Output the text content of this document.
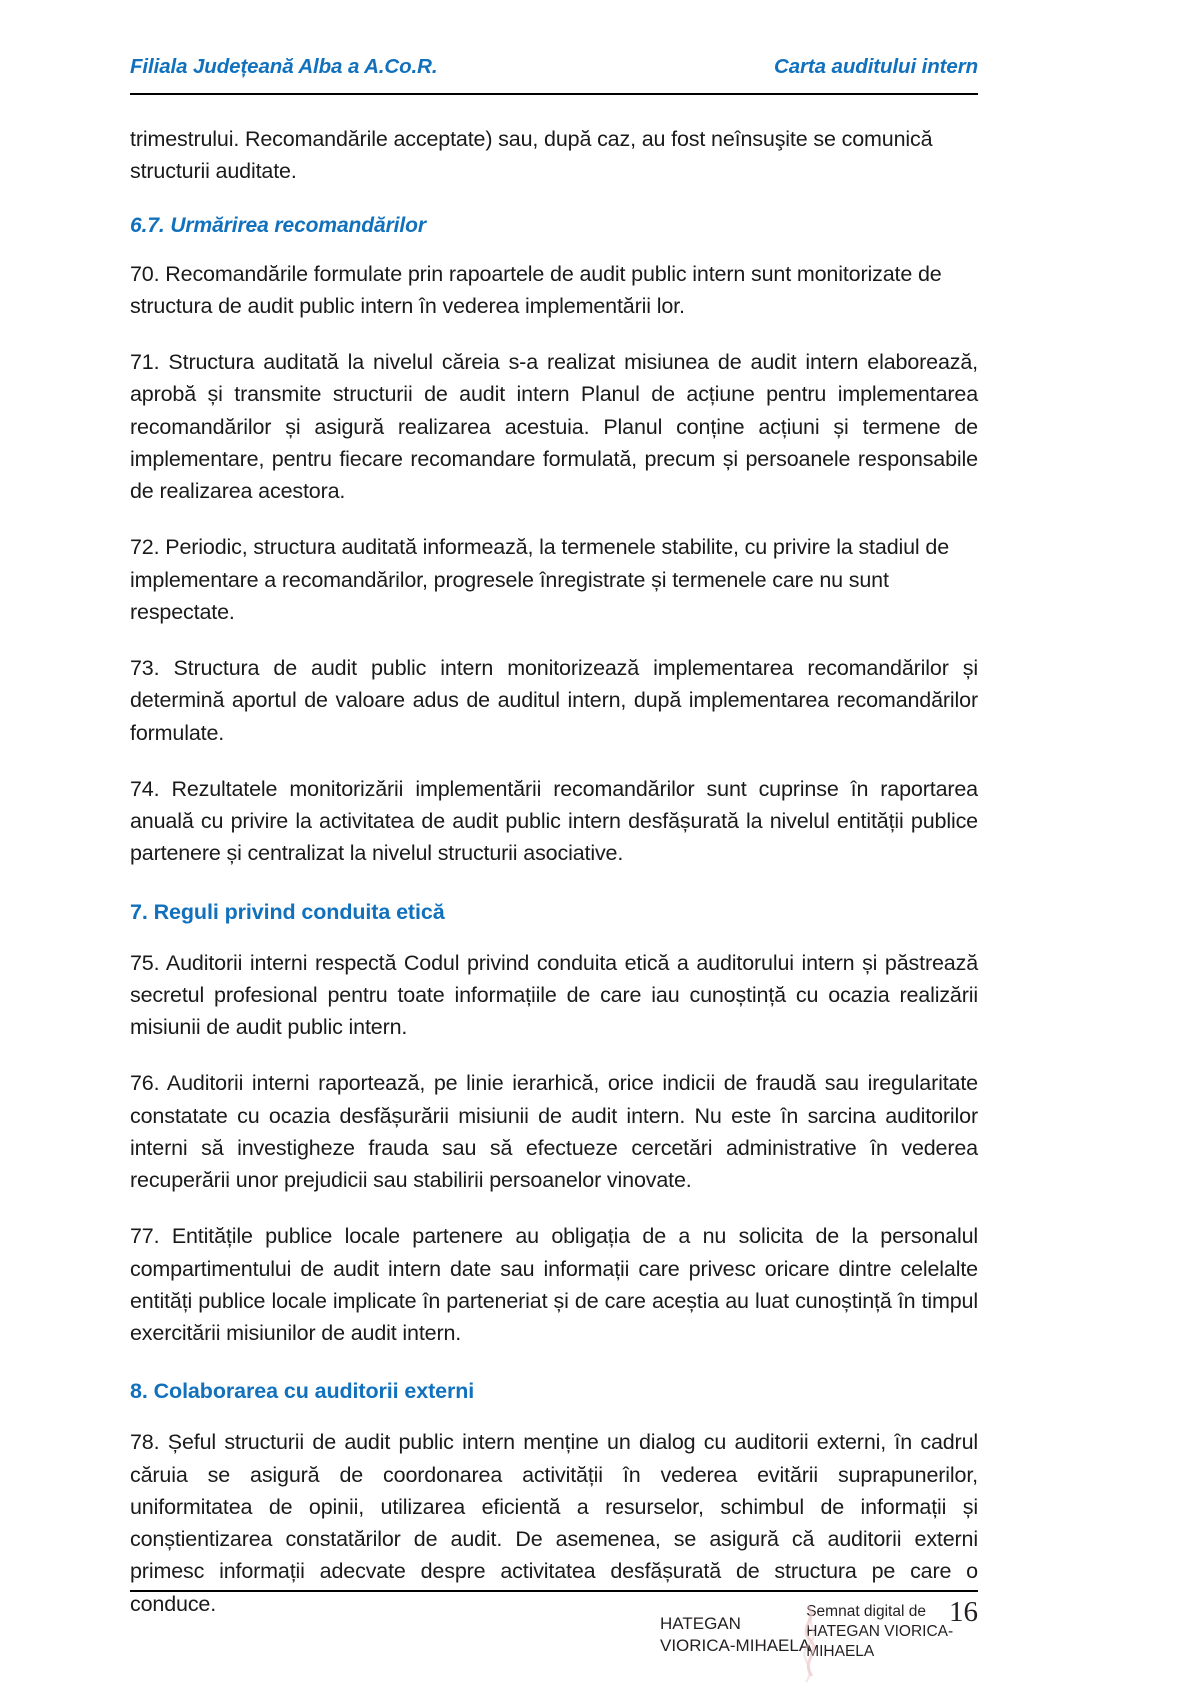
Filiala Județeană Alba a A.Co.R.	Carta auditului intern

trimestrului. Recomandările acceptate) sau, după caz, au fost neînsuşite se comunică structurii auditate.

6.7. Urmărirea recomandărilor

70. Recomandările formulate prin rapoartele de audit public intern sunt monitorizate de structura de audit public intern în vederea implementării lor.

71. Structura auditată la nivelul căreia s-a realizat misiunea de audit intern elaborează, aprobă și transmite structurii de audit intern Planul de acțiune pentru implementarea recomandărilor și asigură realizarea acestuia. Planul conține acțiuni și termene de implementare, pentru fiecare recomandare formulată, precum și persoanele responsabile de realizarea acestora.

72. Periodic, structura auditată informează, la termenele stabilite, cu privire la stadiul de implementare a recomandărilor, progresele înregistrate și termenele care nu sunt respectate.

73. Structura de audit public intern monitorizează implementarea recomandărilor și determină aportul de valoare adus de auditul intern, după implementarea recomandărilor formulate.

74. Rezultatele monitorizării implementării recomandărilor sunt cuprinse în raportarea anuală cu privire la activitatea de audit public intern desfășurată la nivelul entității publice partenere și centralizat la nivelul structurii asociative.

7. Reguli privind conduita etică

75. Auditorii interni respectă Codul privind conduita etică a auditorului intern și păstrează secretul profesional pentru toate informațiile de care iau cunoștință cu ocazia realizării misiunii de audit public intern.

76. Auditorii interni raportează, pe linie ierarhică, orice indicii de fraudă sau iregularitate constatate cu ocazia desfășurării misiunii de audit intern. Nu este în sarcina auditorilor interni să investigheze frauda sau să efectueze cercetări administrative în vederea recuperării unor prejudicii sau stabilirii persoanelor vinovate.

77. Entitățile publice locale partenere au obligația de a nu solicita de la personalul compartimentului de audit intern date sau informații care privesc oricare dintre celelalte entități publice locale implicate în parteneriat și de care aceștia au luat cunoștință în timpul exercitării misiunilor de audit intern.

8. Colaborarea cu auditorii externi

78. Șeful structurii de audit public intern menține un dialog cu auditorii externi, în cadrul căruia se asigură de coordonarea activității în vederea evitării suprapunerilor, uniformitatea de opinii, utilizarea eficientă a resurselor, schimbul de informații și conștientizarea constatărilor de audit. De asemenea, se asigură că auditorii externi primesc informații adecvate despre activitatea desfășurată de structura pe care o conduce.

HATEGAN
VIORICA-MIHAELA
Semnat digital de
HATEGAN VIORICA-
MIHAELA
16
